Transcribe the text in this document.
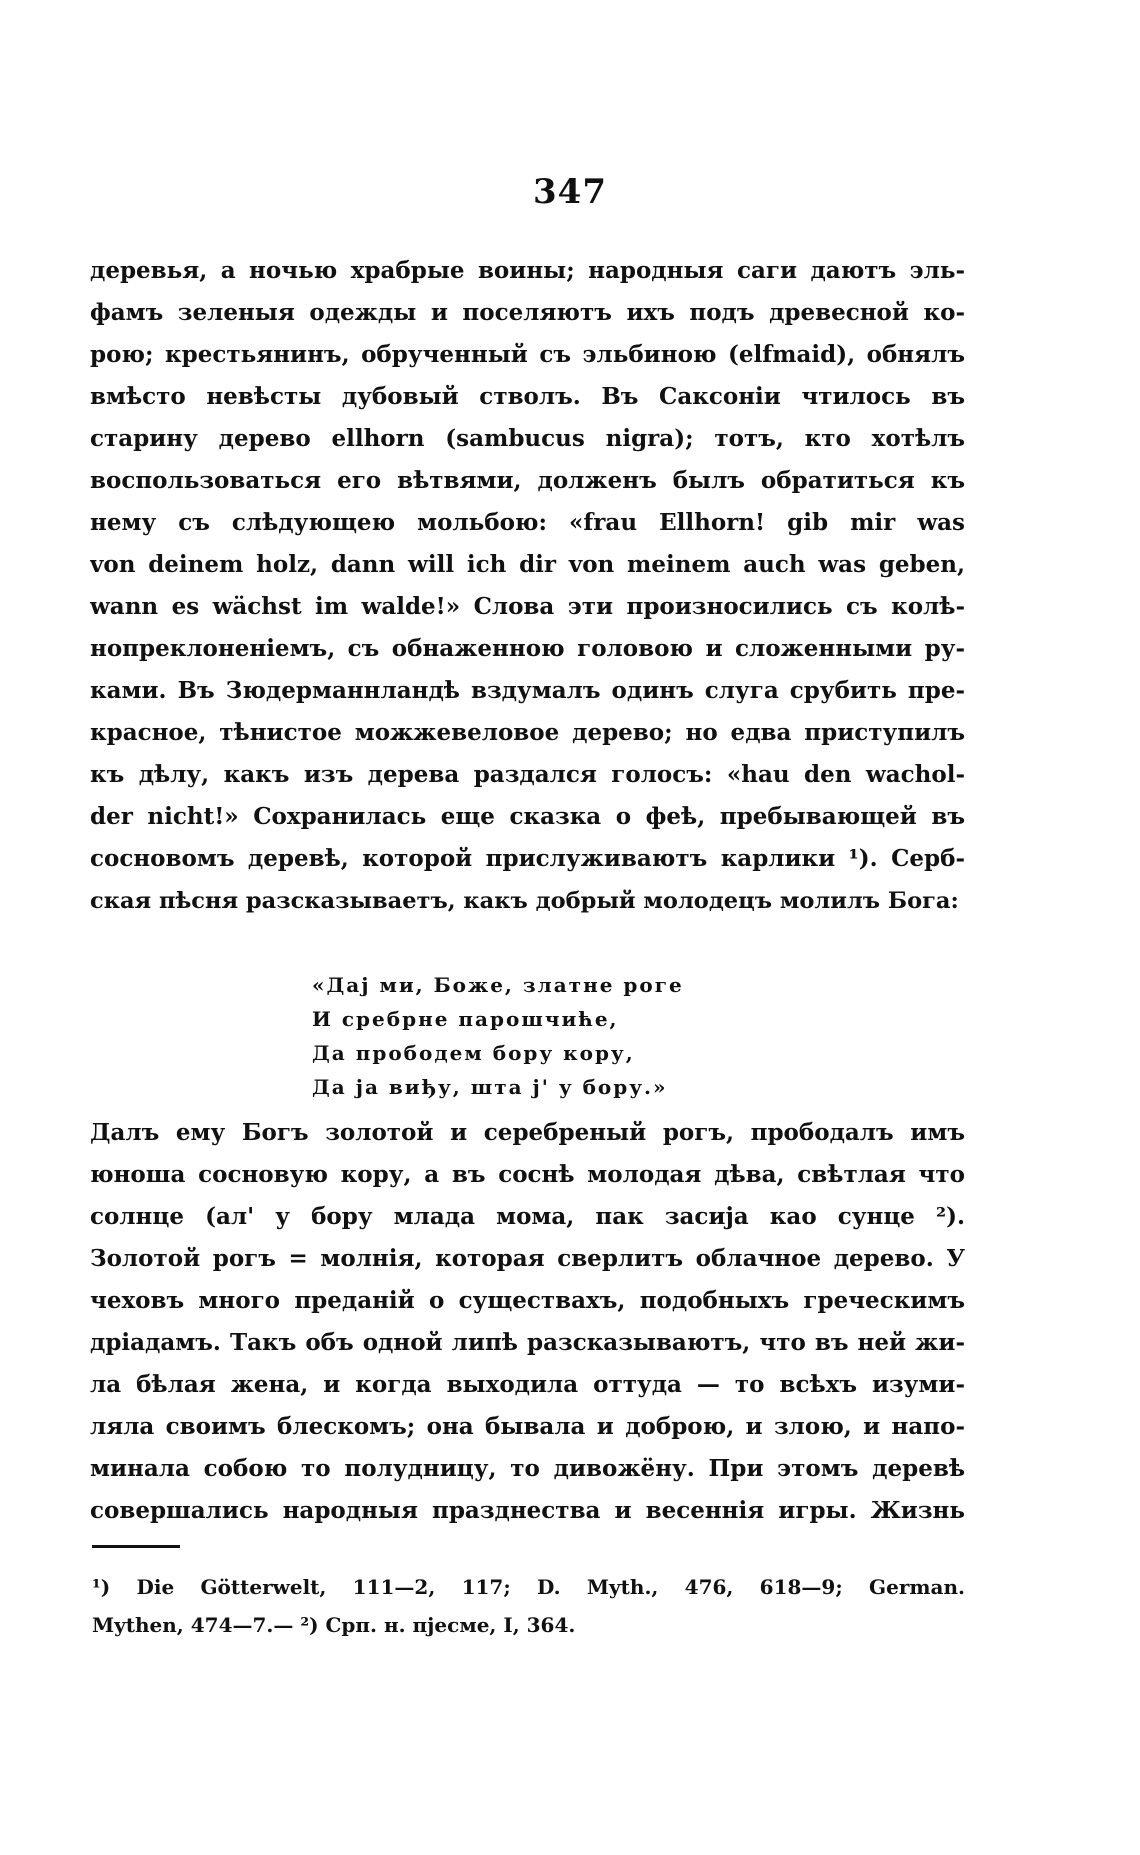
347
деревья, а ночью храбрые воины; народныя саги даютъ эль-
фамъ зеленыя одежды и поселяютъ ихъ подъ древесной ко-
рою; крестьянинъ, обрученный съ эльбиною (elfmaid), обнялъ
вмѣсто невѣсты дубовый стволъ. Въ Саксоніи чтилось въ
старину дерево ellhorn (sambucus nigra); тотъ, кто хотѣлъ
воспользоваться его вѣтвями, долженъ былъ обратиться къ
нему съ слѣдующею мольбою: «frau Ellhorn! gib mir was
von deinem holz, dann will ich dir von meinem auch was geben,
wann es wächst im walde!» Слова эти произносились съ колѣ-
нопреклоненіемъ, съ обнаженною головою и сложенными ру-
ками. Въ Зюдерманнландѣ вздумалъ одинъ слуга срубить пре-
красное, тѣнистое можжевеловое дерево; но едва приступилъ
къ дѣлу, какъ изъ дерева раздался голосъ: «hau den wachol-
der nicht!» Сохранилась еще сказка о феѣ, пребывающей въ
сосновомъ деревѣ, которой прислуживаютъ карлики ¹). Серб-
ская пѣсня разсказываетъ, какъ добрый молодецъ молилъ Бога:
«Дај ми, Боже, златне роге
И сребрне парошчиће,
Да прободем бору кору,
Да ја виђу, шта ј' у бору.»
Далъ ему Богъ золотой и серебреный рогъ, прободалъ имъ
юноша сосновую кору, а въ соснѣ молодая дѣва, свѣтлая что
солнце (ал' у бору млада мома, пак засија као сунце ²).
Золотой рогъ = молнія, которая сверлитъ облачное дерево. У
чеховъ много преданій о существахъ, подобныхъ греческимъ
дріадамъ. Такъ объ одной липѣ разсказываютъ, что въ ней жи-
ла бѣлая жена, и когда выходила оттуда — то всѣхъ изуми-
ляла своимъ блескомъ; она бывала и доброю, и злою, и напо-
минала собою то полудницу, то дивожёну. При этомъ деревѣ
совершались народныя празднества и весеннія игры. Жизнь
¹) Die Götterwelt, 111—2, 117; D. Myth., 476, 618—9; German.
Mythen, 474—7.— ²) Срп. н. пјесме, I, 364.
